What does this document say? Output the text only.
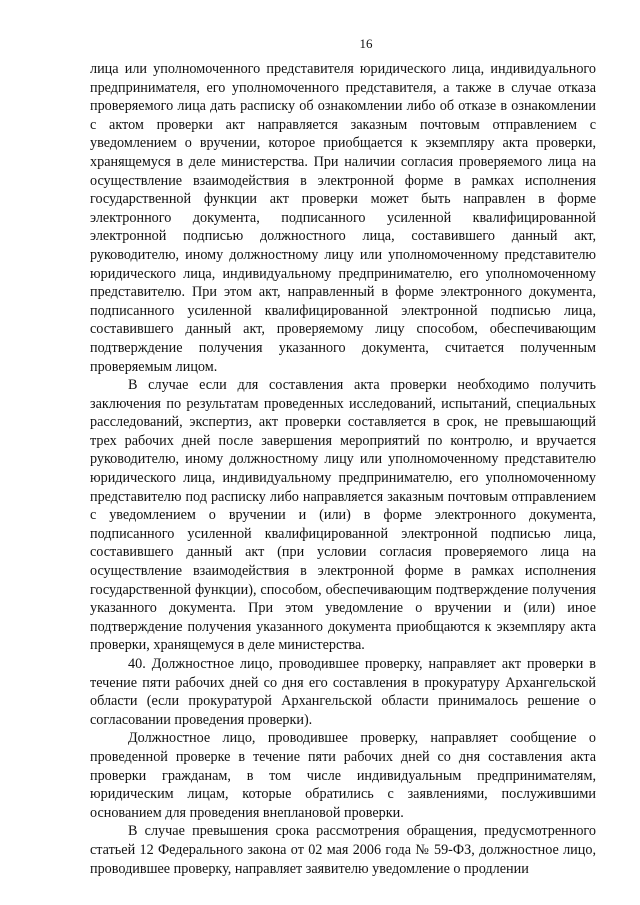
16

лица или уполномоченного представителя юридического лица, индивидуального предпринимателя, его уполномоченного представителя, а также в случае отказа проверяемого лица дать расписку об ознакомлении либо об отказе в ознакомлении с актом проверки акт направляется заказным почтовым отправлением с уведомлением о вручении, которое приобщается к экземпляру акта проверки, хранящемуся в деле министерства. При наличии согласия проверяемого лица на осуществление взаимодействия в электронной форме в рамках исполнения государственной функции акт проверки может быть направлен в форме электронного документа, подписанного усиленной квалифицированной электронной подписью должностного лица, составившего данный акт, руководителю, иному должностному лицу или уполномоченному представителю юридического лица, индивидуальному предпринимателю, его уполномоченному представителю. При этом акт, направленный в форме электронного документа, подписанного усиленной квалифицированной электронной подписью лица, составившего данный акт, проверяемому лицу способом, обеспечивающим подтверждение получения указанного документа, считается полученным проверяемым лицом.

В случае если для составления акта проверки необходимо получить заключения по результатам проведенных исследований, испытаний, специальных расследований, экспертиз, акт проверки составляется в срок, не превышающий трех рабочих дней после завершения мероприятий по контролю, и вручается руководителю, иному должностному лицу или уполномоченному представителю юридического лица, индивидуальному предпринимателю, его уполномоченному представителю под расписку либо направляется заказным почтовым отправлением с уведомлением о вручении и (или) в форме электронного документа, подписанного усиленной квалифицированной электронной подписью лица, составившего данный акт (при условии согласия проверяемого лица на осуществление взаимодействия в электронной форме в рамках исполнения государственной функции), способом, обеспечивающим подтверждение получения указанного документа. При этом уведомление о вручении и (или) иное подтверждение получения указанного документа приобщаются к экземпляру акта проверки, хранящемуся в деле министерства.

40. Должностное лицо, проводившее проверку, направляет акт проверки в течение пяти рабочих дней со дня его составления в прокуратуру Архангельской области (если прокуратурой Архангельской области принималось решение о согласовании проведения проверки).

Должностное лицо, проводившее проверку, направляет сообщение о проведенной проверке в течение пяти рабочих дней со дня составления акта проверки гражданам, в том числе индивидуальным предпринимателям, юридическим лицам, которые обратились с заявлениями, послужившими основанием для проведения внеплановой проверки.

В случае превышения срока рассмотрения обращения, предусмотренного статьей 12 Федерального закона от 02 мая 2006 года № 59-ФЗ, должностное лицо, проводившее проверку, направляет заявителю уведомление о продлении
